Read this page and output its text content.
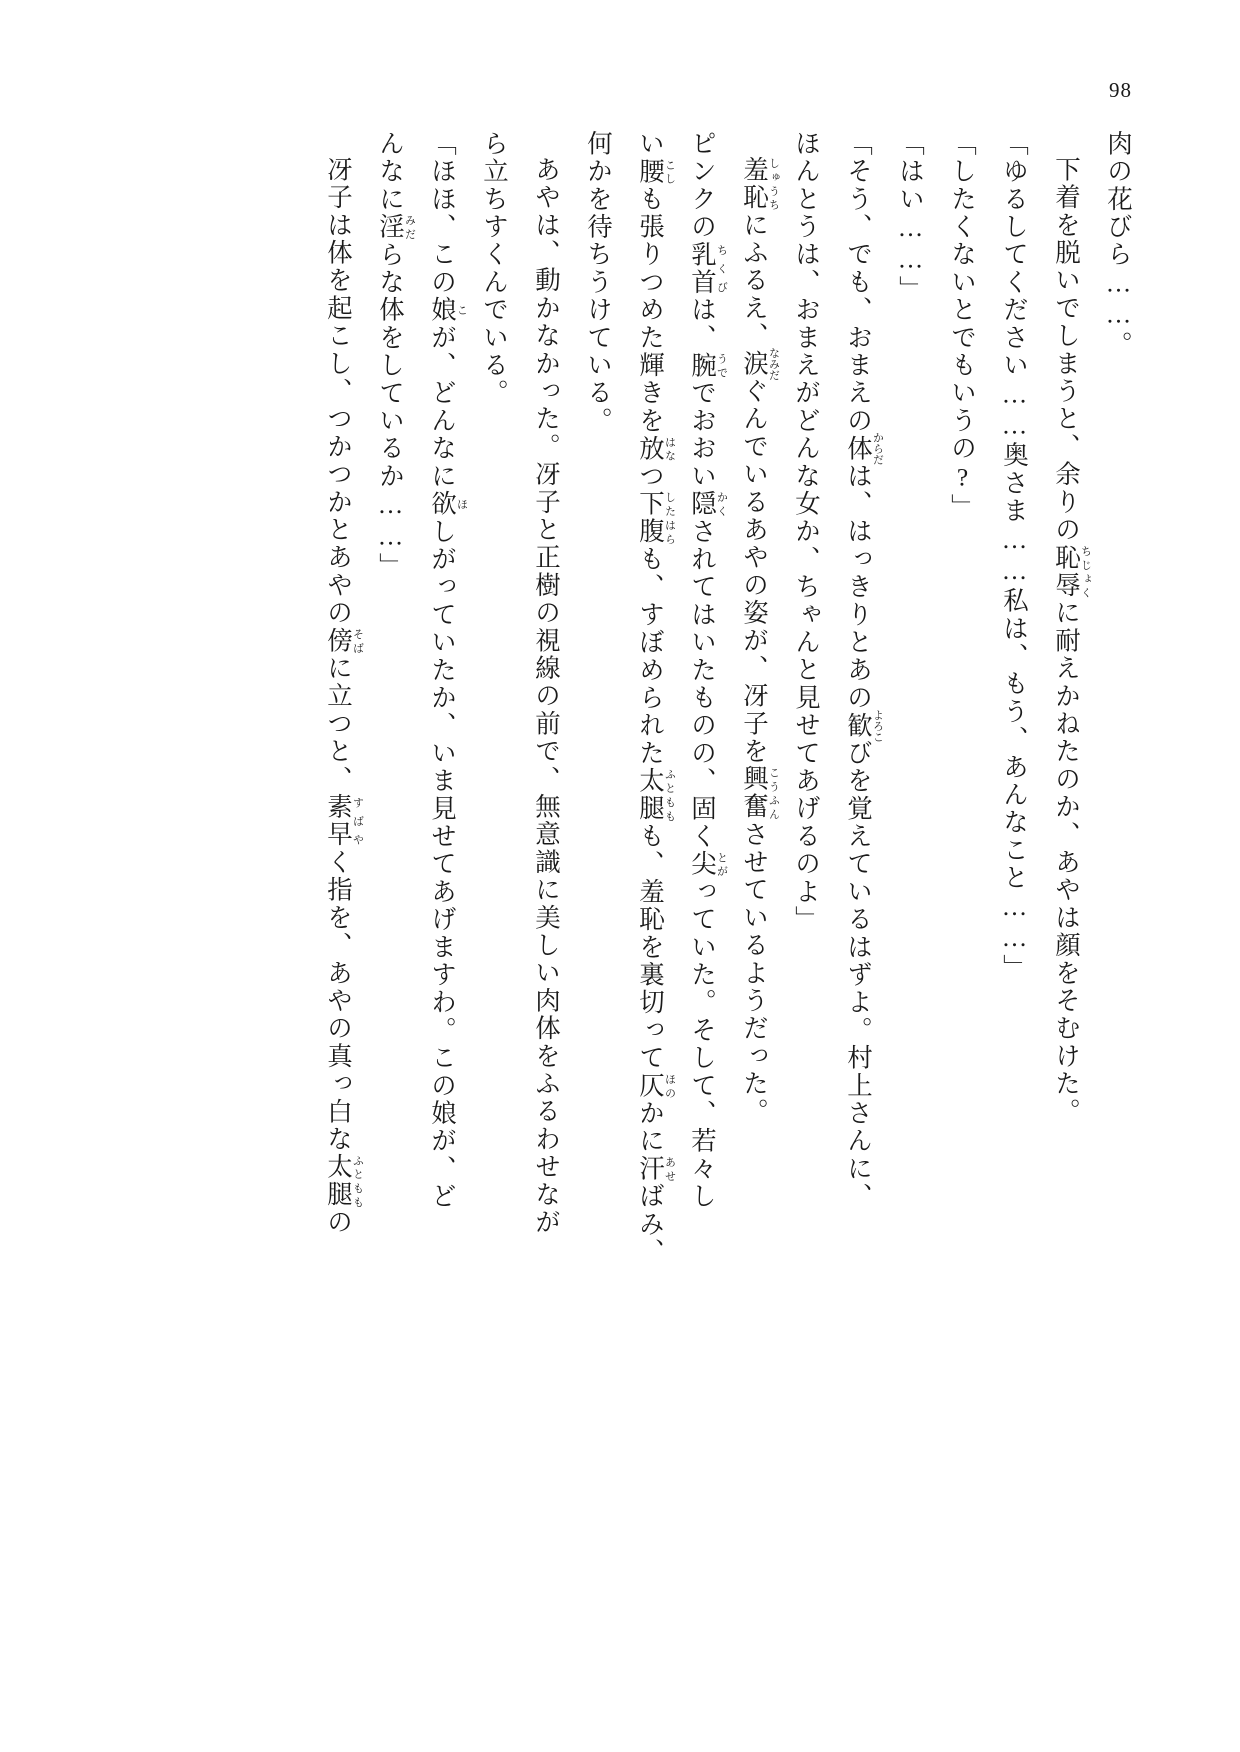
98
肉の花びら……。
下着を脱いでしまうと、余りの恥辱ちじょくに耐えかねたのか、あやは顔をそむけた。
「ゆるしてください……奥さま……私は、もう、あんなこと……」
「したくないとでもいうの?」
「はい……」
「そう、でも、おまえの体からだは、はっきりとあの歓よろこびを覚えているはずよ。村上さんに、
ほんとうは、おまえがどんな女か、ちゃんと見せてあげるのよ」
羞恥しゅうちにふるえ、涙なみだぐんでいるあやの姿が、冴子を興奮こうふんさせているようだった。
ピンクの乳首ちくびは、腕うででおおい隠かくされてはいたものの、固く尖とがっていた。そして、若々し
い腰こしも張りつめた輝きを放はなつ下腹したはらも、すぼめられた太腿ふとももも、羞恥を裏切って仄ほのかに汗あせばみ、
何かを待ちうけている。
あやは、動かなかった。冴子と正樹の視線の前で、無意識に美しい肉体をふるわせなが
ら立ちすくんでいる。
「ほほ、この娘こが、どんなに欲ほしがっていたか、いま見せてあげますわ。この娘が、ど
んなに淫みだらな体をしているか……」
冴子は体を起こし、つかつかとあやの傍そばに立つと、素早すばやく指を、あやの真っ白な太腿ふとももの
